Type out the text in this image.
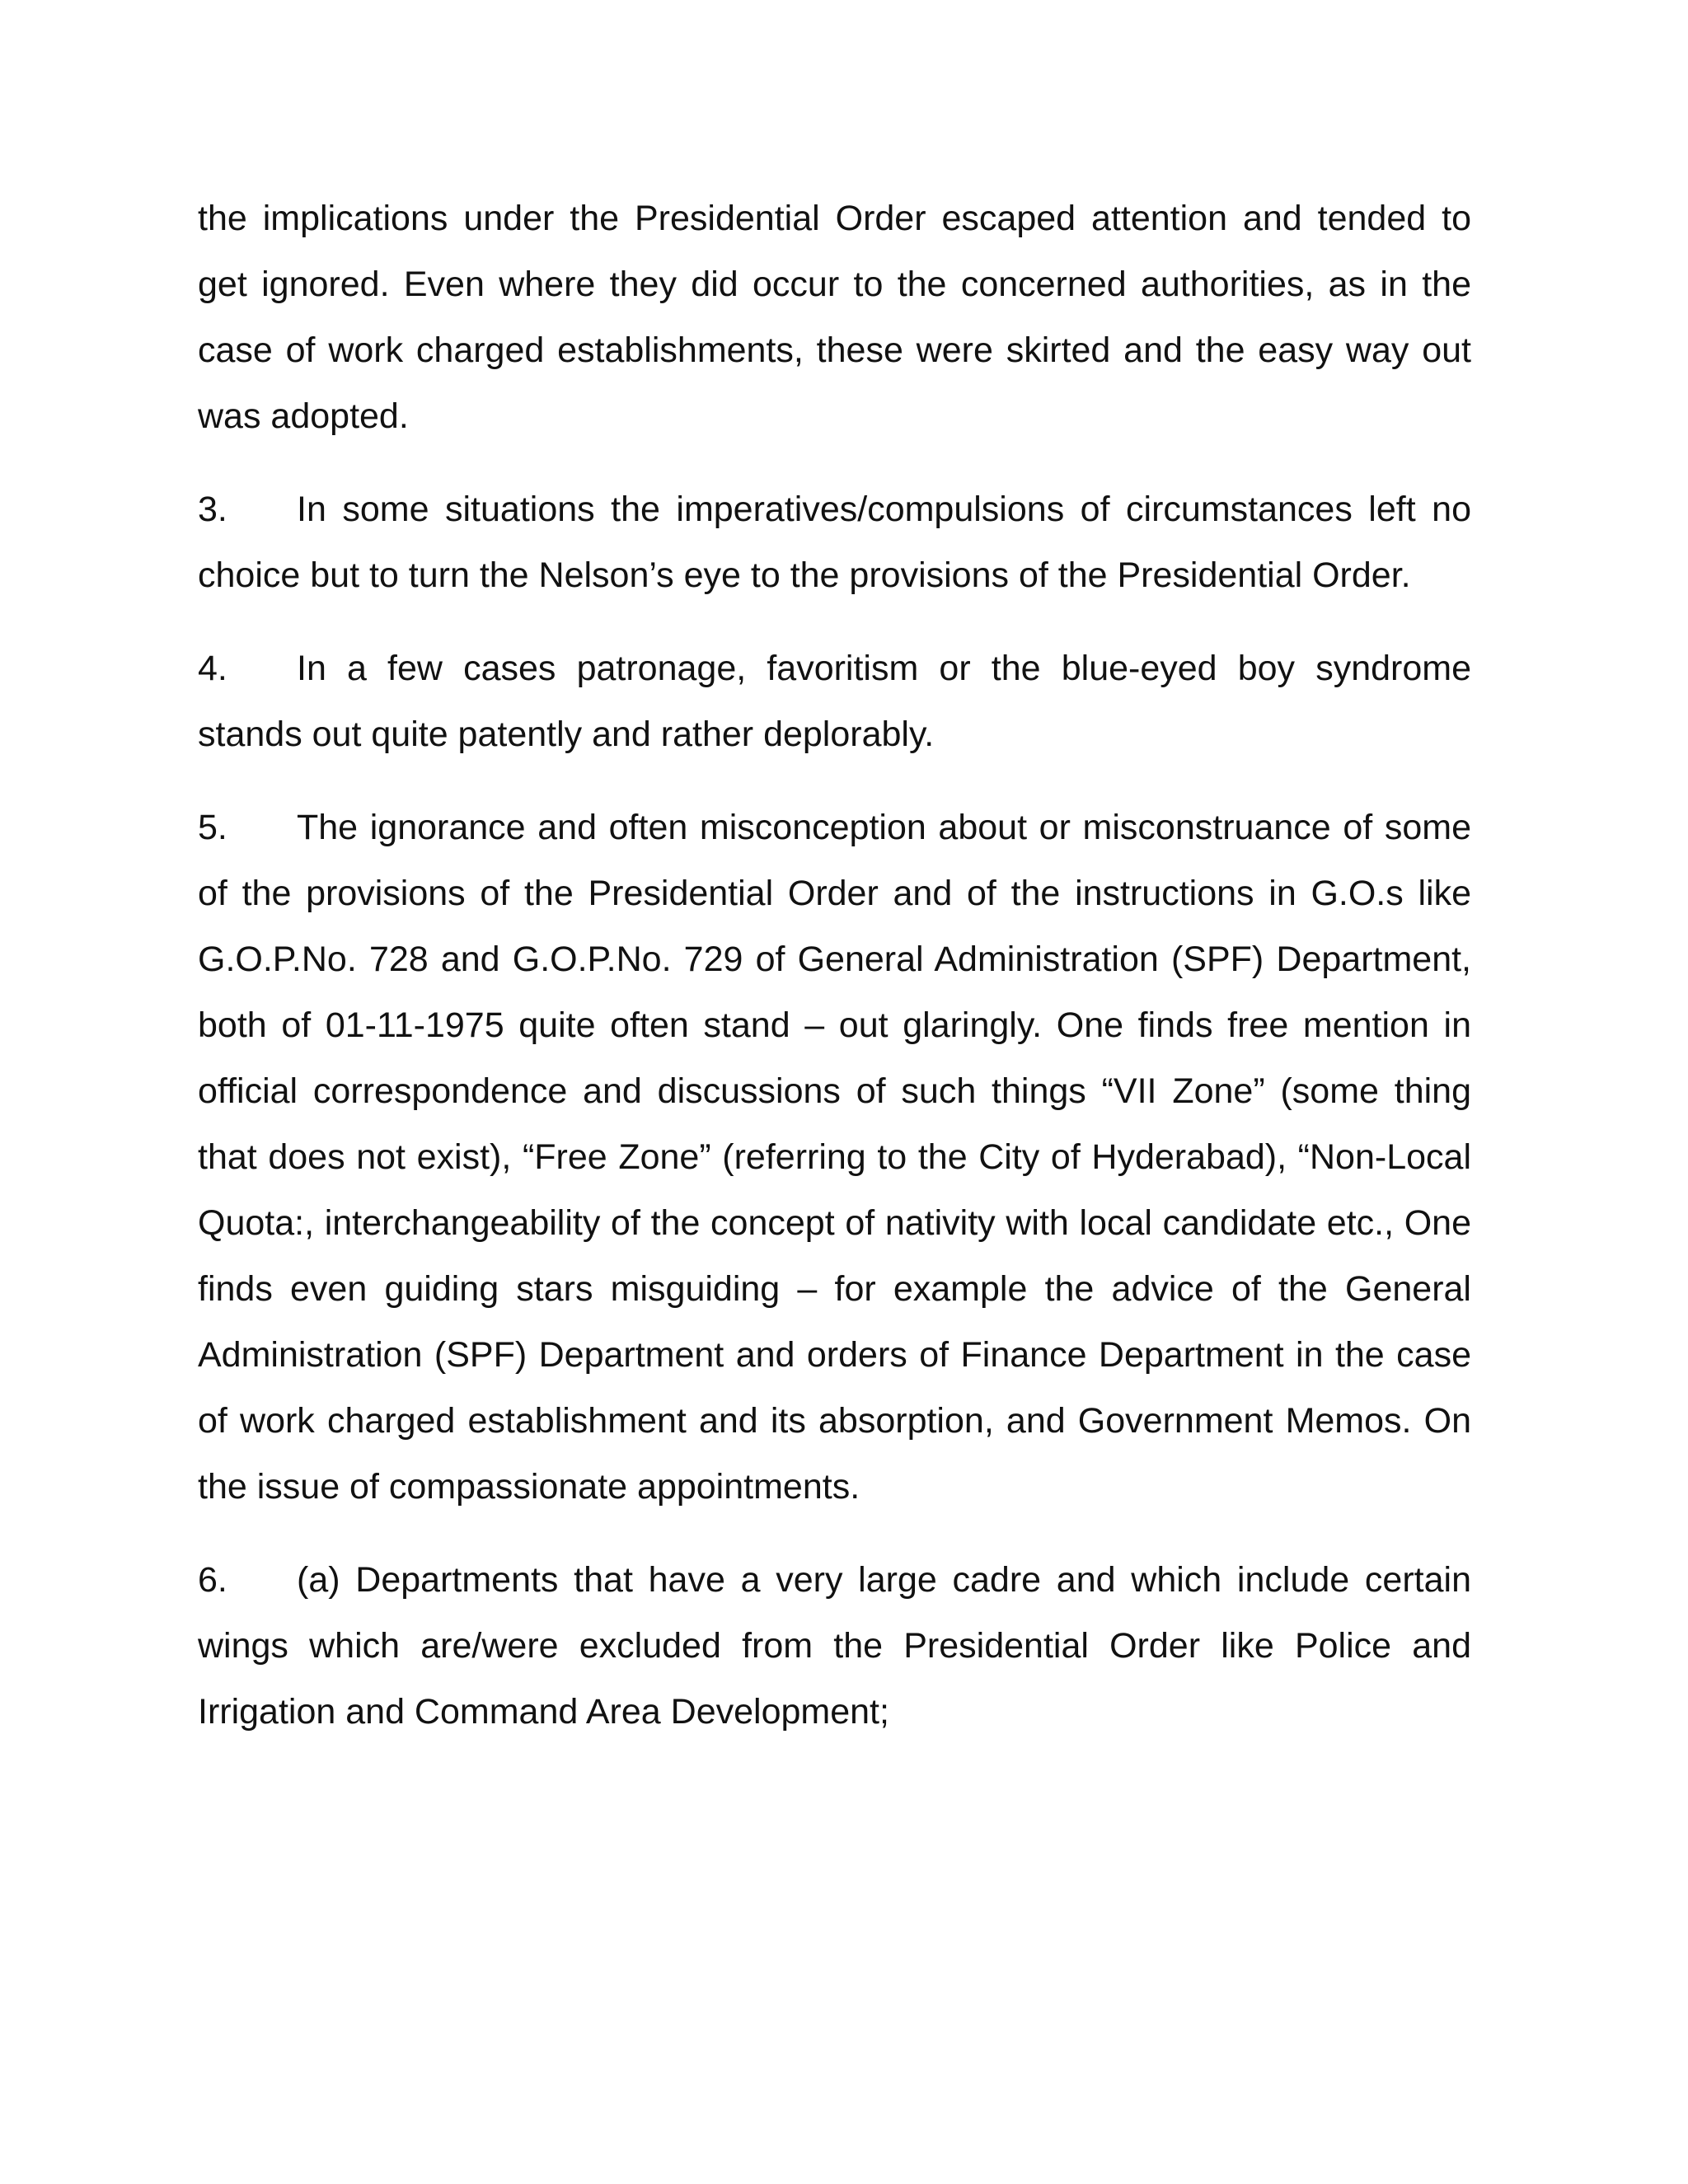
the implications under the Presidential Order escaped attention and tended to get ignored. Even where they did occur to the concerned authorities, as in the case of work charged establishments, these were skirted and the easy way out was adopted.

3. In some situations the imperatives/compulsions of circumstances left no choice but to turn the Nelson’s eye to the provisions of the Presidential Order.

4. In a few cases patronage, favoritism or the blue-eyed boy syndrome stands out quite patently and rather deplorably.

5. The ignorance and often misconception about or misconstruance of some of the provisions of the Presidential Order and of the instructions in G.O.s like G.O.P.No. 728 and G.O.P.No. 729 of General Administration (SPF) Department, both of 01-11-1975 quite often stand – out glaringly. One finds free mention in official correspondence and discussions of such things “VII Zone” (some thing that does not exist), “Free Zone” (referring to the City of Hyderabad), “Non-Local Quota:, interchangeability of the concept of nativity with local candidate etc., One finds even guiding stars misguiding – for example the advice of the General Administration (SPF) Department and orders of Finance Department in the case of work charged establishment and its absorption, and Government Memos. On the issue of compassionate appointments.

6. (a) Departments that have a very large cadre and which include certain wings which are/were excluded from the Presidential Order like Police and Irrigation and Command Area Development;
